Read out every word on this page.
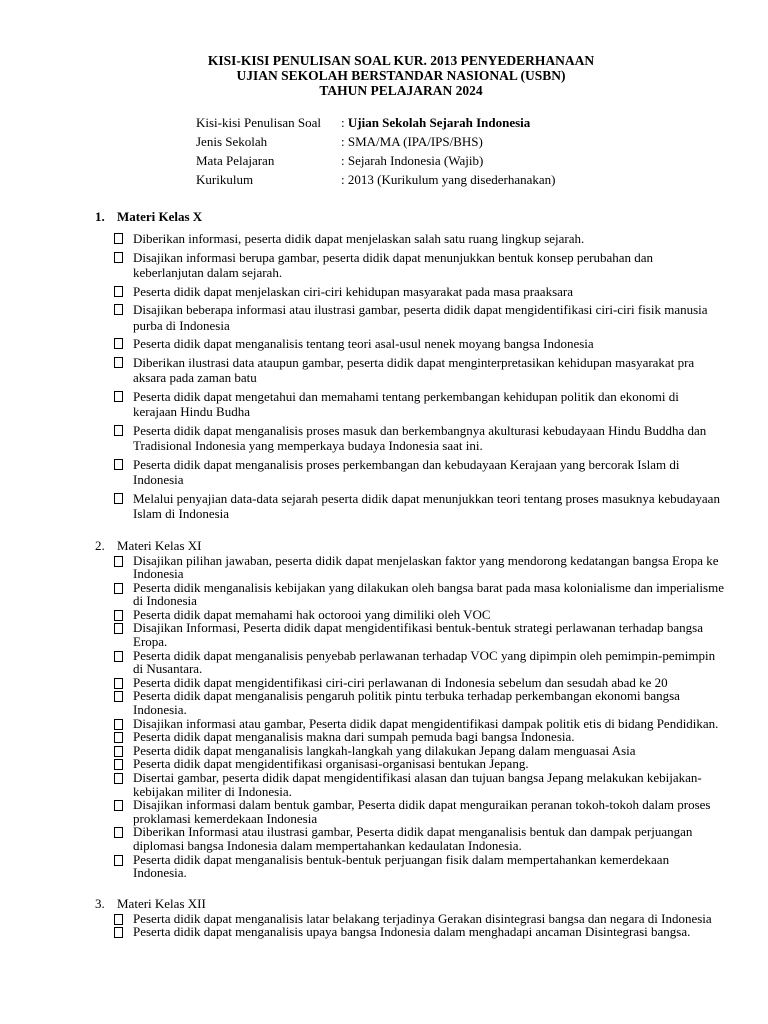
KISI-KISI PENULISAN SOAL KUR. 2013 PENYEDERHANAAN
UJIAN SEKOLAH BERSTANDAR NASIONAL (USBN)
TAHUN PELAJARAN 2024
Kisi-kisi Penulisan Soal	: Ujian Sekolah Sejarah Indonesia
Jenis Sekolah	: SMA/MA (IPA/IPS/BHS)
Mata Pelajaran	: Sejarah Indonesia (Wajib)
Kurikulum	: 2013 (Kurikulum yang disederhanakan)
1. Materi Kelas X
Diberikan informasi, peserta didik dapat menjelaskan salah satu ruang lingkup sejarah.
Disajikan informasi berupa gambar, peserta didik dapat menunjukkan bentuk konsep perubahan dan keberlanjutan dalam sejarah.
Peserta didik dapat menjelaskan ciri-ciri kehidupan masyarakat pada masa praaksara
Disajikan beberapa informasi atau ilustrasi gambar, peserta didik dapat mengidentifikasi ciri-ciri fisik manusia purba di Indonesia
Peserta didik dapat menganalisis tentang teori asal-usul nenek moyang bangsa Indonesia
Diberikan ilustrasi data ataupun gambar, peserta didik dapat menginterpretasikan kehidupan masyarakat pra aksara pada zaman batu
Peserta didik dapat mengetahui dan memahami tentang perkembangan kehidupan politik dan ekonomi di kerajaan Hindu Budha
Peserta didik dapat menganalisis proses masuk dan berkembangnya akulturasi kebudayaan Hindu Buddha dan Tradisional Indonesia yang memperkaya budaya Indonesia saat ini.
Peserta didik dapat menganalisis proses perkembangan dan kebudayaan Kerajaan yang bercorak Islam di Indonesia
Melalui penyajian data-data sejarah peserta didik dapat menunjukkan teori tentang proses masuknya kebudayaan Islam di Indonesia
2. Materi Kelas XI
Disajikan pilihan jawaban, peserta didik dapat menjelaskan faktor yang mendorong kedatangan bangsa Eropa ke Indonesia
Peserta didik menganalisis kebijakan yang dilakukan oleh bangsa barat pada masa kolonialisme dan imperialisme di Indonesia
Peserta didik dapat memahami hak octorooi yang dimiliki oleh VOC
Disajikan Informasi, Peserta didik dapat mengidentifikasi bentuk-bentuk strategi perlawanan terhadap bangsa Eropa.
Peserta didik dapat menganalisis penyebab perlawanan terhadap VOC yang dipimpin oleh pemimpin-pemimpin di Nusantara.
Peserta didik dapat mengidentifikasi ciri-ciri perlawanan di Indonesia sebelum dan sesudah abad ke 20
Peserta didik dapat menganalisis pengaruh politik pintu terbuka terhadap perkembangan ekonomi bangsa Indonesia.
Disajikan informasi atau gambar, Peserta didik dapat mengidentifikasi dampak politik etis di bidang Pendidikan.
Peserta didik dapat menganalisis makna dari sumpah pemuda bagi bangsa Indonesia.
Peserta didik dapat menganalisis langkah-langkah yang dilakukan Jepang dalam menguasai Asia
Peserta didik dapat mengidentifikasi organisasi-organisasi bentukan Jepang.
Disertai gambar, peserta didik dapat mengidentifikasi alasan dan tujuan bangsa Jepang melakukan kebijakan-kebijakan militer di Indonesia.
Disajikan informasi dalam bentuk gambar, Peserta didik dapat menguraikan peranan tokoh-tokoh dalam proses proklamasi kemerdekaan Indonesia
Diberikan Informasi atau ilustrasi gambar, Peserta didik dapat menganalisis bentuk dan dampak perjuangan diplomasi bangsa Indonesia dalam mempertahankan kedaulatan Indonesia.
Peserta didik dapat menganalisis bentuk-bentuk perjuangan fisik dalam mempertahankan kemerdekaan Indonesia.
3. Materi Kelas XII
Peserta didik dapat menganalisis latar belakang terjadinya Gerakan disintegrasi bangsa dan negara di Indonesia
Peserta didik dapat menganalisis upaya bangsa Indonesia dalam menghadapi ancaman Disintegrasi bangsa.
